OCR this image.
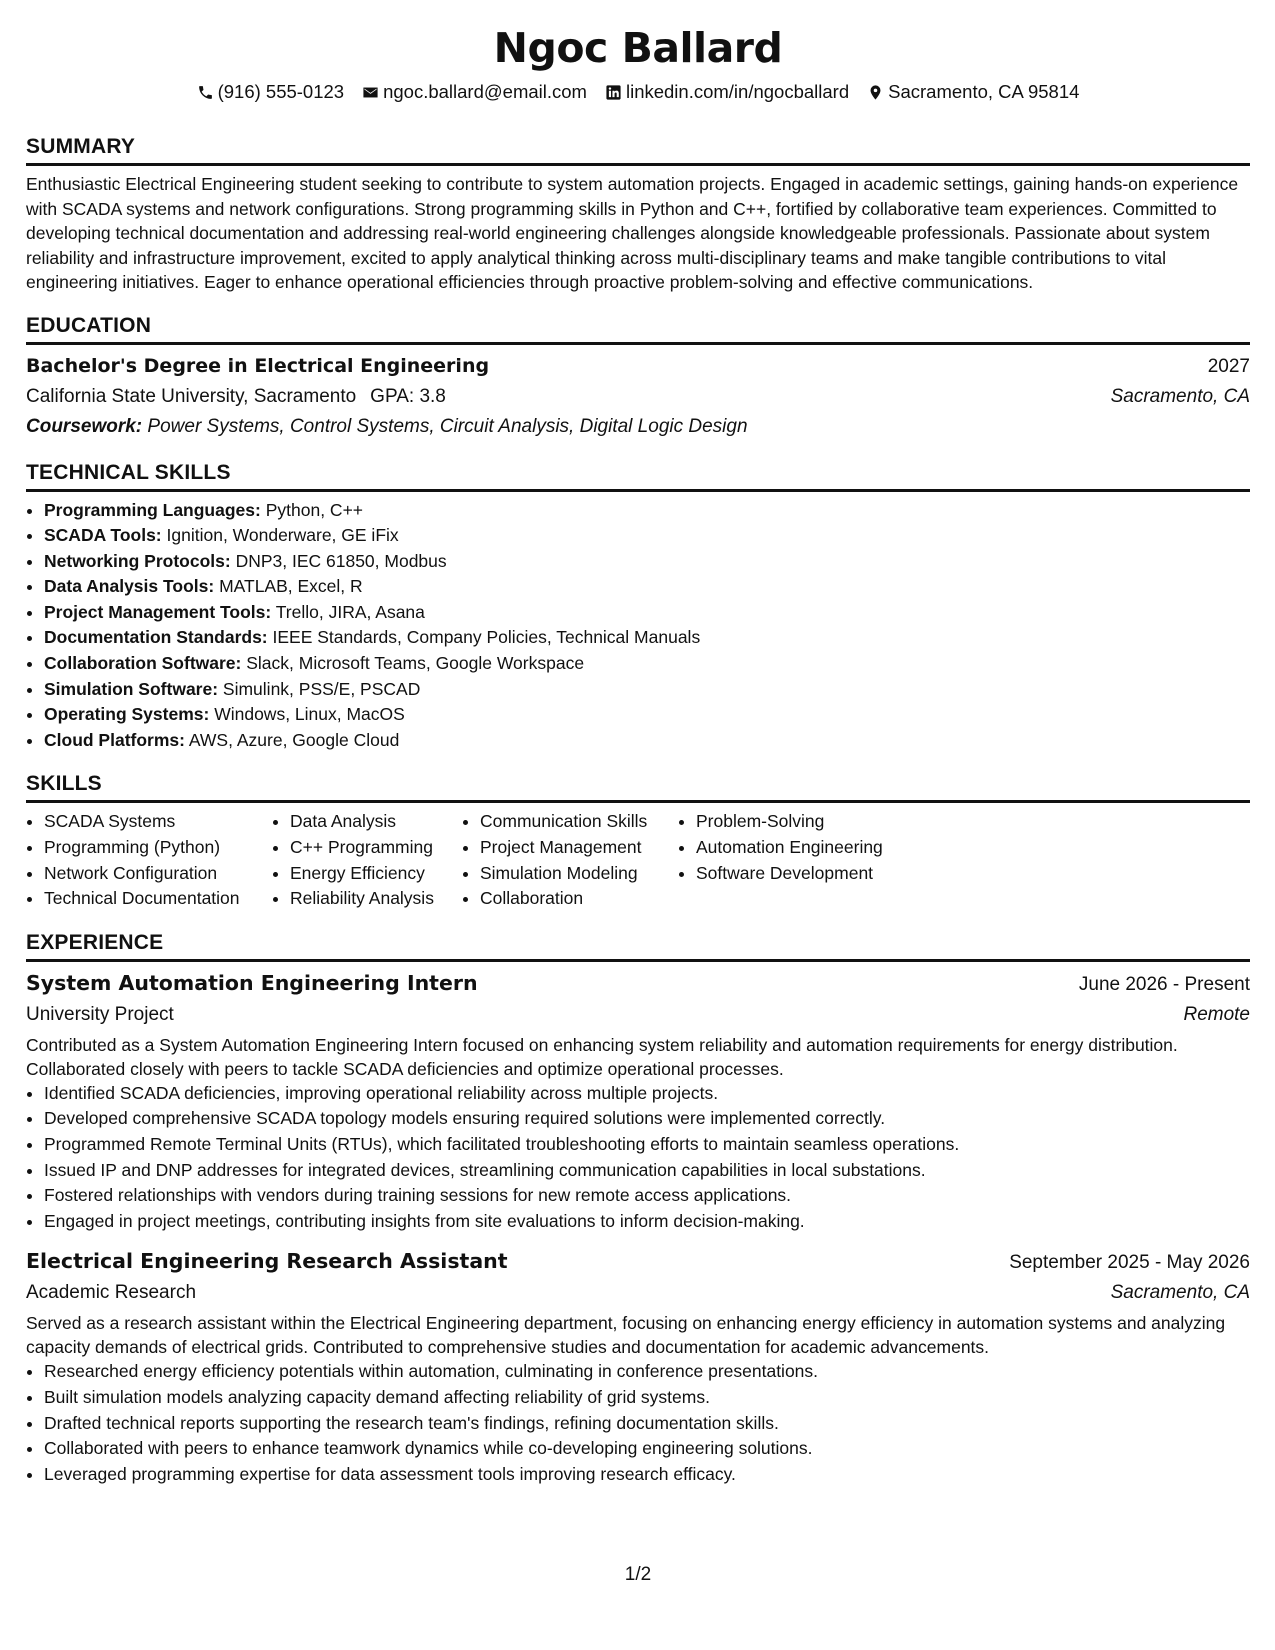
Ngoc Ballard
(916) 555-0123 ngoc.ballard@email.com linkedin.com/in/ngocballard Sacramento, CA 95814
SUMMARY
Enthusiastic Electrical Engineering student seeking to contribute to system automation projects. Engaged in academic settings, gaining hands-on experience with SCADA systems and network configurations. Strong programming skills in Python and C++, fortified by collaborative team experiences. Committed to developing technical documentation and addressing real-world engineering challenges alongside knowledgeable professionals. Passionate about system reliability and infrastructure improvement, excited to apply analytical thinking across multi-disciplinary teams and make tangible contributions to vital engineering initiatives. Eager to enhance operational efficiencies through proactive problem-solving and effective communications.
EDUCATION
Bachelor's Degree in Electrical Engineering	2027
California State University, Sacramento GPA: 3.8	Sacramento, CA
Coursework: Power Systems, Control Systems, Circuit Analysis, Digital Logic Design
TECHNICAL SKILLS
• Programming Languages: Python, C++
• SCADA Tools: Ignition, Wonderware, GE iFix
• Networking Protocols: DNP3, IEC 61850, Modbus
• Data Analysis Tools: MATLAB, Excel, R
• Project Management Tools: Trello, JIRA, Asana
• Documentation Standards: IEEE Standards, Company Policies, Technical Manuals
• Collaboration Software: Slack, Microsoft Teams, Google Workspace
• Simulation Software: Simulink, PSS/E, PSCAD
• Operating Systems: Windows, Linux, MacOS
• Cloud Platforms: AWS, Azure, Google Cloud
SKILLS
• SCADA Systems
• Programming (Python)
• Network Configuration
• Technical Documentation
• Data Analysis
• C++ Programming
• Energy Efficiency
• Reliability Analysis
• Communication Skills
• Project Management
• Simulation Modeling
• Collaboration
• Problem-Solving
• Automation Engineering
• Software Development
EXPERIENCE
System Automation Engineering Intern	June 2026 - Present
University Project	Remote
Contributed as a System Automation Engineering Intern focused on enhancing system reliability and automation requirements for energy distribution. Collaborated closely with peers to tackle SCADA deficiencies and optimize operational processes.
• Identified SCADA deficiencies, improving operational reliability across multiple projects.
• Developed comprehensive SCADA topology models ensuring required solutions were implemented correctly.
• Programmed Remote Terminal Units (RTUs), which facilitated troubleshooting efforts to maintain seamless operations.
• Issued IP and DNP addresses for integrated devices, streamlining communication capabilities in local substations.
• Fostered relationships with vendors during training sessions for new remote access applications.
• Engaged in project meetings, contributing insights from site evaluations to inform decision-making.
Electrical Engineering Research Assistant	September 2025 - May 2026
Academic Research	Sacramento, CA
Served as a research assistant within the Electrical Engineering department, focusing on enhancing energy efficiency in automation systems and analyzing capacity demands of electrical grids. Contributed to comprehensive studies and documentation for academic advancements.
• Researched energy efficiency potentials within automation, culminating in conference presentations.
• Built simulation models analyzing capacity demand affecting reliability of grid systems.
• Drafted technical reports supporting the research team's findings, refining documentation skills.
• Collaborated with peers to enhance teamwork dynamics while co-developing engineering solutions.
• Leveraged programming expertise for data assessment tools improving research efficacy.
1/2
